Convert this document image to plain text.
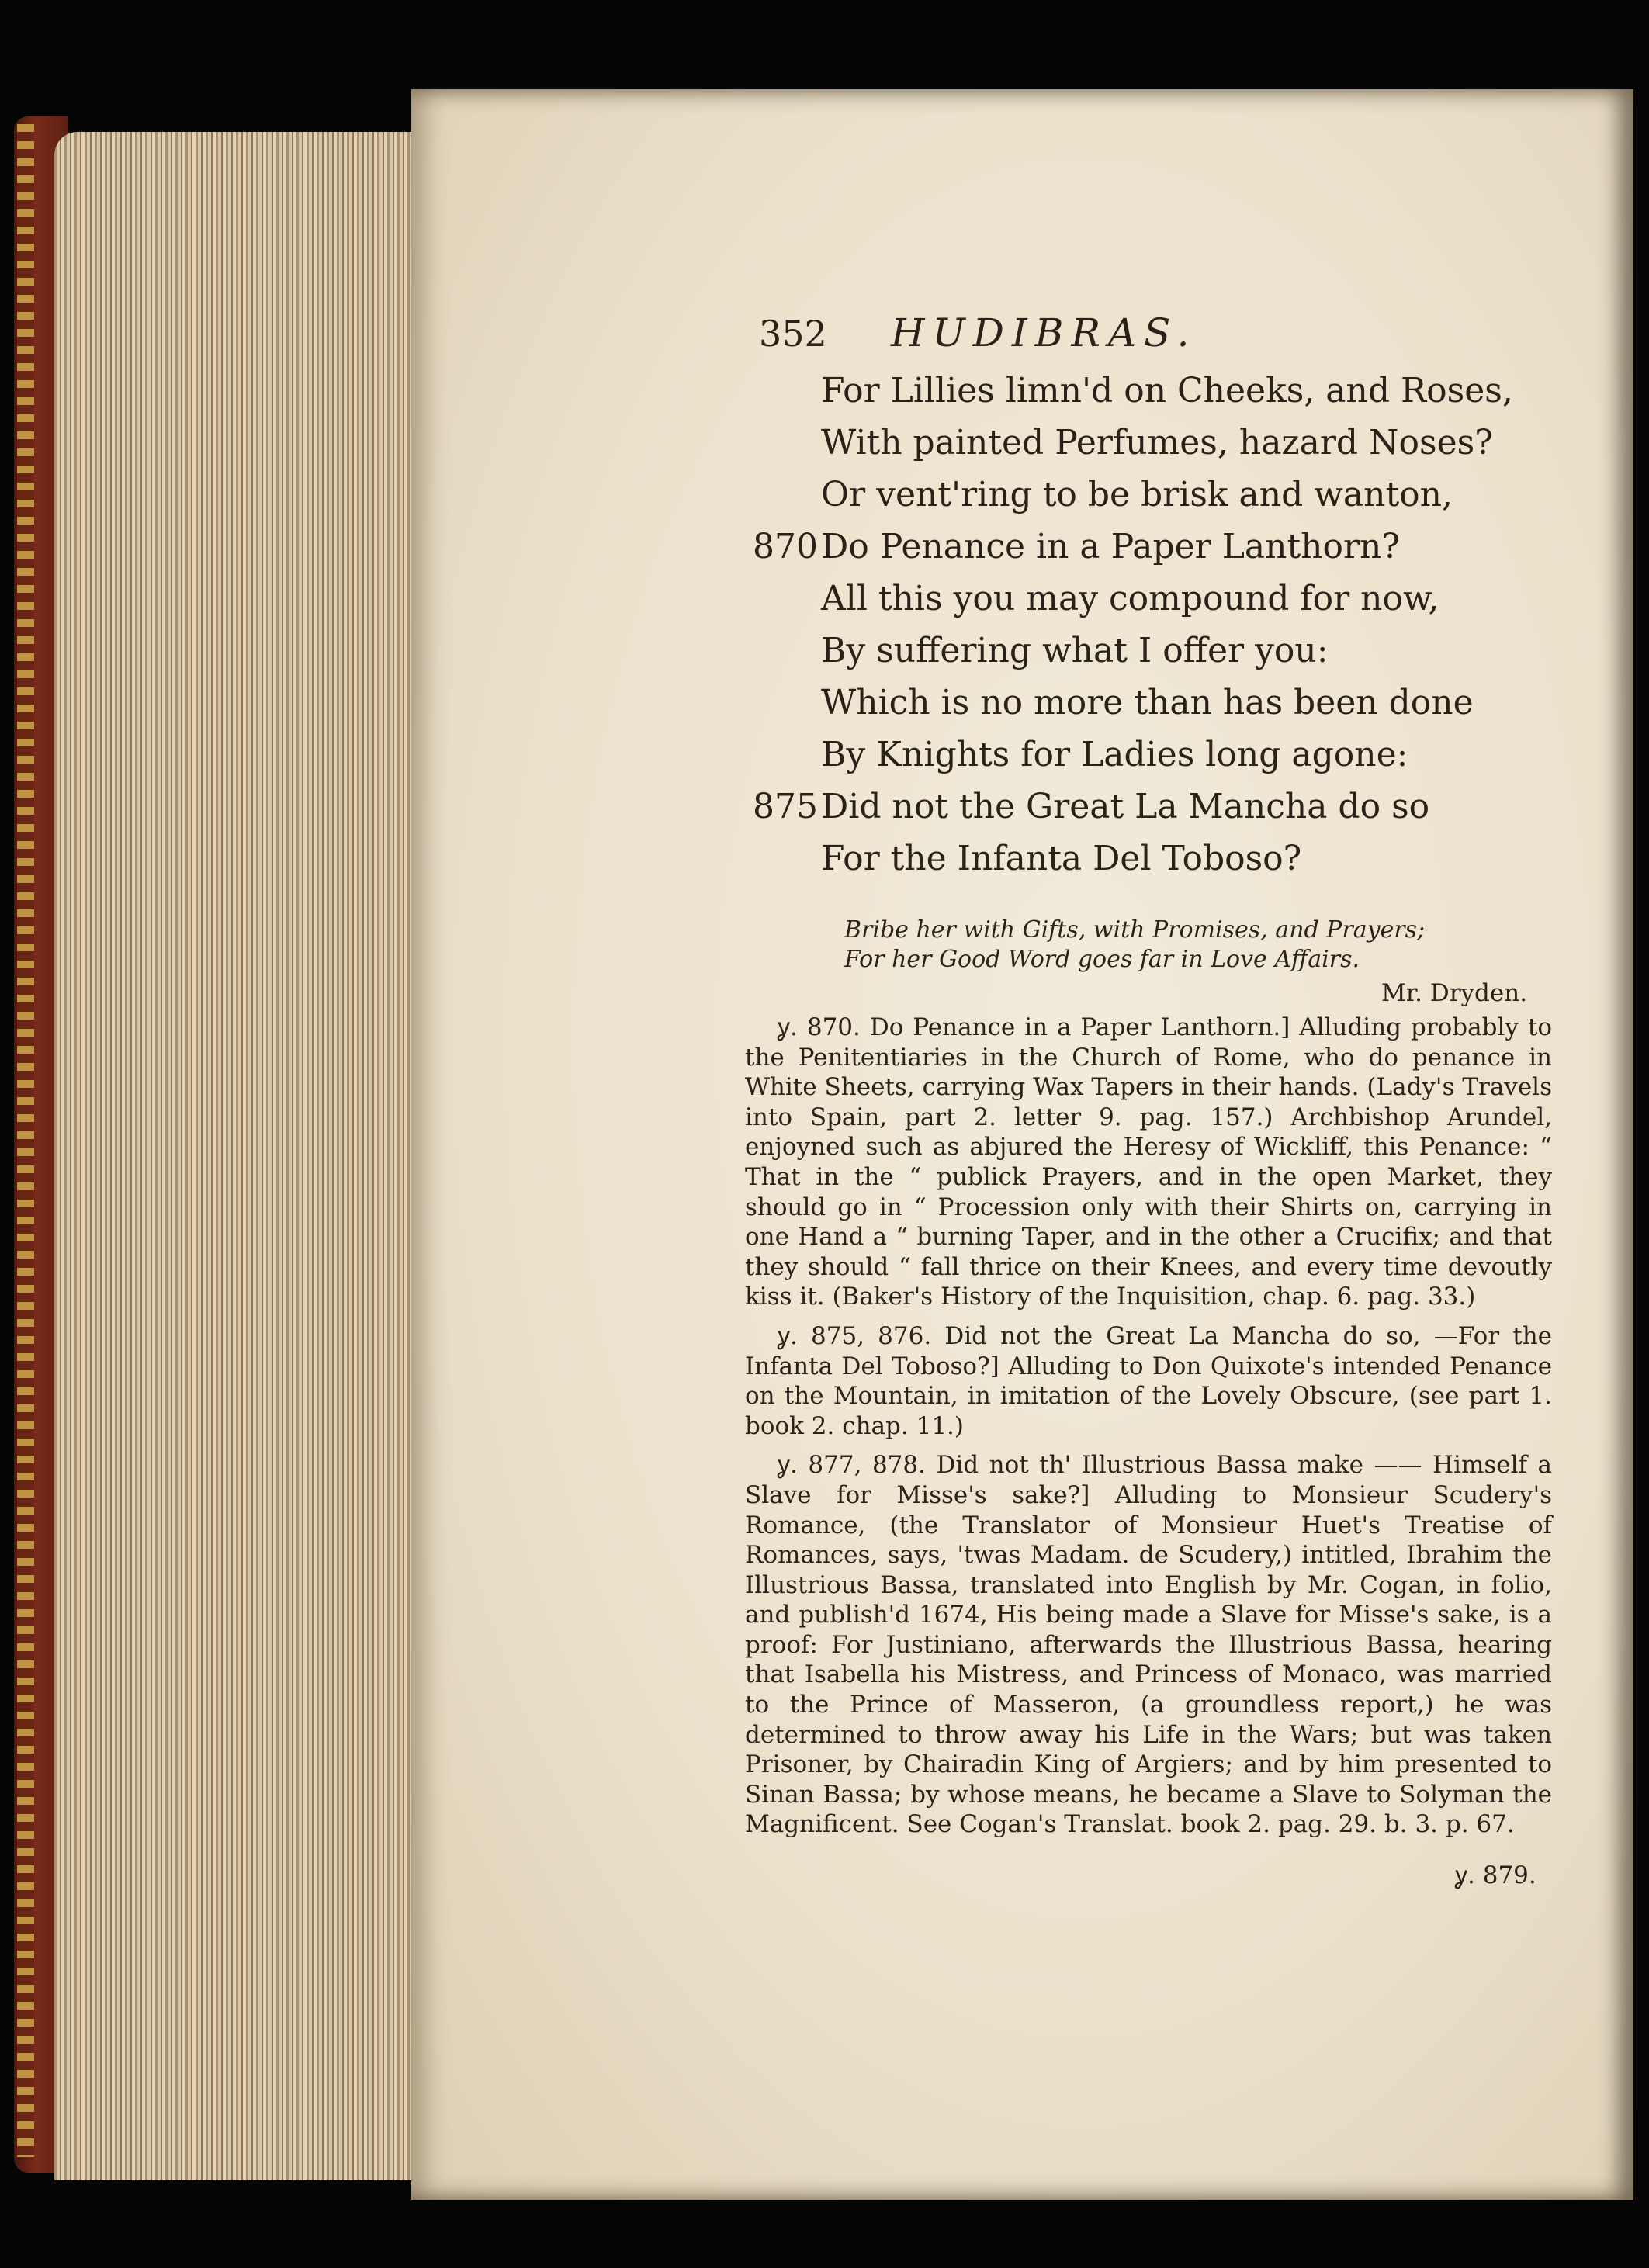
352 HUDIBRAS.
For Lillies limn'd on Cheeks, and Roses,
With painted Perfumes, hazard Noses?
Or vent'ring to be brisk and wanton,
870 Do Penance in a Paper Lanthorn?
All this you may compound for now,
By suffering what I offer you:
Which is no more than has been done
By Knights for Ladies long agone:
875 Did not the Great La Mancha do so
For the Infanta Del Toboso?
Bribe her with Gifts, with Promises, and Prayers;
For her Good Word goes far in Love Affairs.
Mr. Dryden.

ỿ. 870. Do Penance in a Paper Lanthorn.] Alluding probably to the Penitentiaries in the Church of Rome, who do penance in White Sheets, carrying Wax Tapers in their hands. (Lady's Travels into Spain, part 2. letter 9. pag. 157.) Archbishop Arundel, enjoyned such as abjured the Heresy of Wickliff, this Penance: “ That in the “ publick Prayers, and in the open Market, they should go in “ Procession only with their Shirts on, carrying in one Hand a “ burning Taper, and in the other a Crucifix; and that they should “ fall thrice on their Knees, and every time devoutly kiss it. (Baker's History of the Inquisition, chap. 6. pag. 33.)

ỿ. 875, 876. Did not the Great La Mancha do so, —For the Infanta Del Toboso?] Alluding to Don Quixote's intended Penance on the Mountain, in imitation of the Lovely Obscure, (see part 1. book 2. chap. 11.)

ỿ. 877, 878. Did not th' Illustrious Bassa make —— Himself a Slave for Misse's sake?] Alluding to Monsieur Scudery's Romance, (the Translator of Monsieur Huet's Treatise of Romances, says, 'twas Madam. de Scudery,) intitled, Ibrahim the Illustrious Bassa, translated into English by Mr. Cogan, in folio, and publish'd 1674, His being made a Slave for Misse's sake, is a proof: For Justiniano, afterwards the Illustrious Bassa, hearing that Isabella his Mistress, and Princess of Monaco, was married to the Prince of Masseron, (a groundless report,) he was determined to throw away his Life in the Wars; but was taken Prisoner, by Chairadin King of Argiers; and by him presented to Sinan Bassa; by whose means, he became a Slave to Solyman the Magnificent. See Cogan's Translat. book 2. pag. 29. b. 3. p. 67.

ỿ. 879.
